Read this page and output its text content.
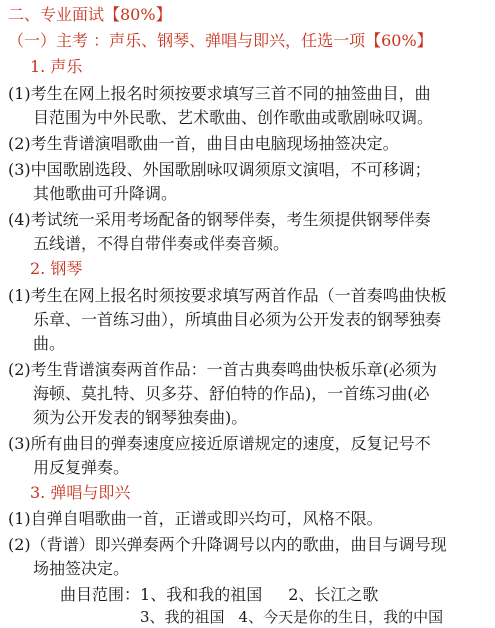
二、专业面试【80%】

（一）主考 ：声乐、钢琴、弹唱与即兴，任选一项【60%】

1. 声乐

(1)考生在网上报名时须按要求填写三首不同的抽签曲目，曲

目范围为中外民歌、艺术歌曲、创作歌曲或歌剧咏叹调。

(2)考生背谱演唱歌曲一首，曲目由电脑现场抽签决定。

(3)中国歌剧选段、外国歌剧咏叹调须原文演唱，不可移调；

其他歌曲可升降调。

(4)考试统一采用考场配备的钢琴伴奏，考生须提供钢琴伴奏

五线谱，不得自带伴奏或伴奏音频。

2. 钢琴

(1)考生在网上报名时须按要求填写两首作品（一首奏鸣曲快板

乐章、一首练习曲），所填曲目必须为公开发表的钢琴独奏

曲。

(2)考生背谱演奏两首作品：一首古典奏鸣曲快板乐章(必须为

海顿、莫扎特、贝多芬、舒伯特的作品)，一首练习曲(必

须为公开发表的钢琴独奏曲)。

(3)所有曲目的弹奏速度应接近原谱规定的速度，反复记号不

用反复弹奏。

3. 弹唱与即兴

(1)自弹自唱歌曲一首，正谱或即兴均可，风格不限。

(2)（背谱）即兴弹奏两个升降调号以内的歌曲，曲目与调号现

场抽签决定。

曲目范围：1、我和我的祖国 2、长江之歌

3、我的祖国 4、今天是你的生日，我的中国
